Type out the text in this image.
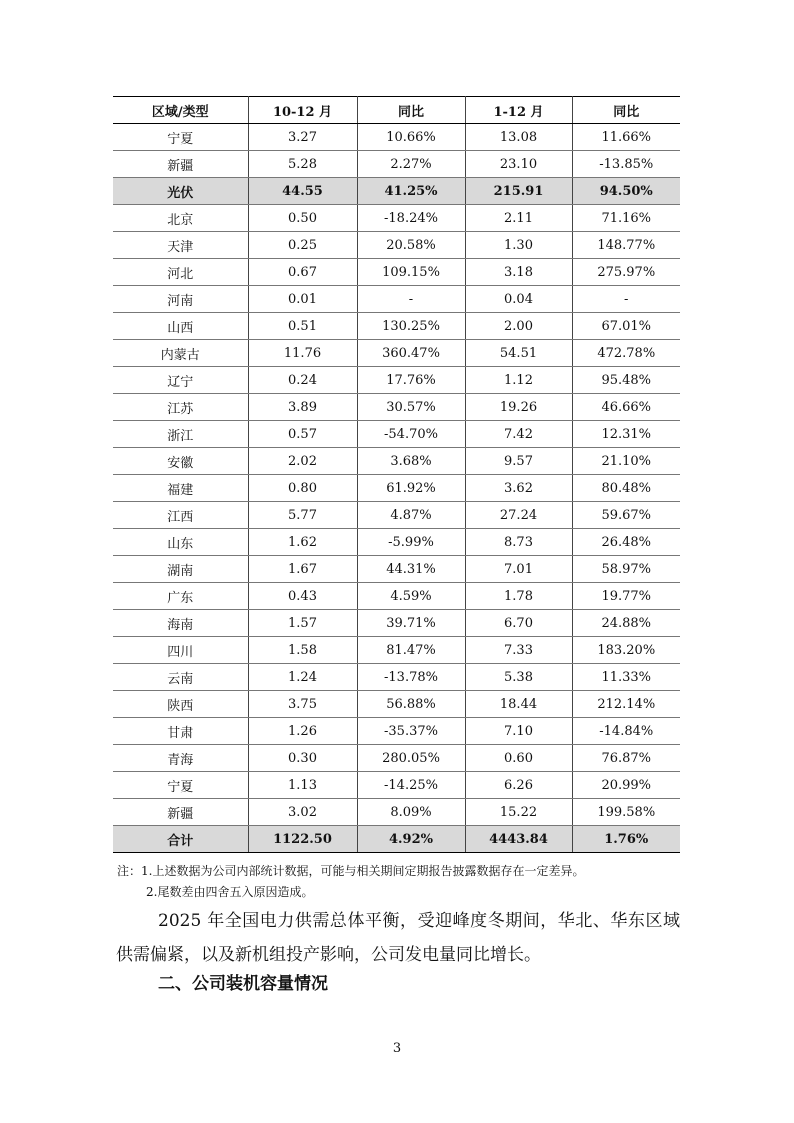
区域/类型	10-12 月	同比	1-12 月	同比
宁夏	3.27	10.66%	13.08	11.66%
新疆	5.28	2.27%	23.10	-13.85%
光伏	44.55	41.25%	215.91	94.50%
北京	0.50	-18.24%	2.11	71.16%
天津	0.25	20.58%	1.30	148.77%
河北	0.67	109.15%	3.18	275.97%
河南	0.01	-	0.04	-
山西	0.51	130.25%	2.00	67.01%
内蒙古	11.76	360.47%	54.51	472.78%
辽宁	0.24	17.76%	1.12	95.48%
江苏	3.89	30.57%	19.26	46.66%
浙江	0.57	-54.70%	7.42	12.31%
安徽	2.02	3.68%	9.57	21.10%
福建	0.80	61.92%	3.62	80.48%
江西	5.77	4.87%	27.24	59.67%
山东	1.62	-5.99%	8.73	26.48%
湖南	1.67	44.31%	7.01	58.97%
广东	0.43	4.59%	1.78	19.77%
海南	1.57	39.71%	6.70	24.88%
四川	1.58	81.47%	7.33	183.20%
云南	1.24	-13.78%	5.38	11.33%
陕西	3.75	56.88%	18.44	212.14%
甘肃	1.26	-35.37%	7.10	-14.84%
青海	0.30	280.05%	0.60	76.87%
宁夏	1.13	-14.25%	6.26	20.99%
新疆	3.02	8.09%	15.22	199.58%
合计	1122.50	4.92%	4443.84	1.76%
注：1.上述数据为公司内部统计数据，可能与相关期间定期报告披露数据存在一定差异。
2.尾数差由四舍五入原因造成。

2025 年全国电力供需总体平衡，受迎峰度冬期间，华北、华东区域供需偏紧，以及新机组投产影响，公司发电量同比增长。

二、公司装机容量情况
3
